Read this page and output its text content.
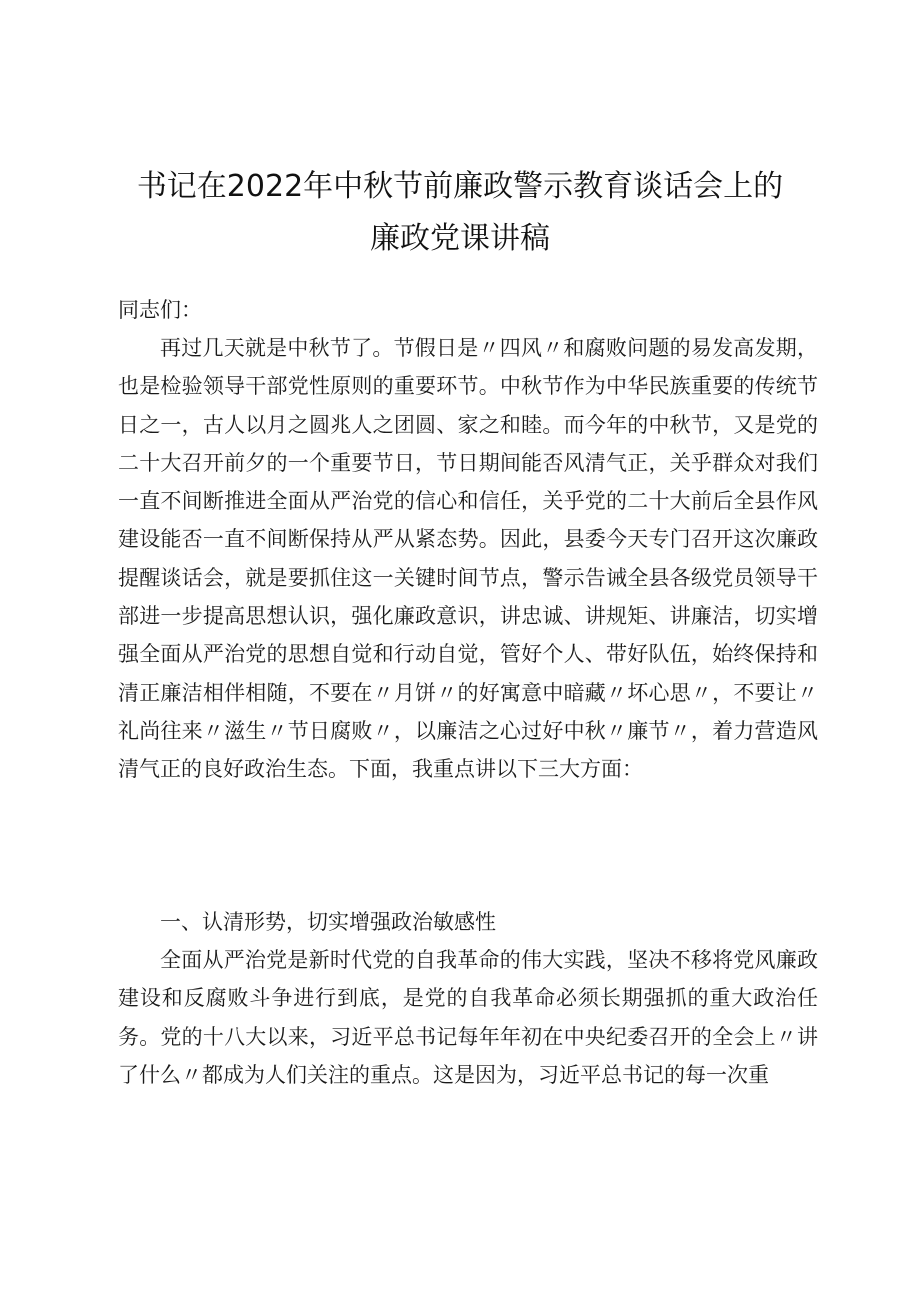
书记在2022年中秋节前廉政警示教育谈话会上的
廉政党课讲稿

同志们：

再过几天就是中秋节了。节假日是〃四风〃和腐败问题的易发高发期，也是检验领导干部党性原则的重要环节。中秋节作为中华民族重要的传统节日之一，古人以月之圆兆人之团圆、家之和睦。而今年的中秋节，又是党的二十大召开前夕的一个重要节日，节日期间能否风清气正，关乎群众对我们一直不间断推进全面从严治党的信心和信任，关乎党的二十大前后全县作风建设能否一直不间断保持从严从紧态势。因此，县委今天专门召开这次廉政提醒谈话会，就是要抓住这一关键时间节点，警示告诫全县各级党员领导干部进一步提高思想认识，强化廉政意识，讲忠诚、讲规矩、讲廉洁，切实增强全面从严治党的思想自觉和行动自觉，管好个人、带好队伍，始终保持和清正廉洁相伴相随，不要在〃月饼〃的好寓意中暗藏〃坏心思〃，不要让〃礼尚往来〃滋生〃节日腐败〃，以廉洁之心过好中秋〃廉节〃，着力营造风清气正的良好政治生态。下面，我重点讲以下三大方面：

一、认清形势，切实增强政治敏感性

全面从严治党是新时代党的自我革命的伟大实践，坚决不移将党风廉政建设和反腐败斗争进行到底，是党的自我革命必须长期强抓的重大政治任务。党的十八大以来，习近平总书记每年年初在中央纪委召开的全会上〃讲了什么〃都成为人们关注的重点。这是因为，习近平总书记的每一次重
